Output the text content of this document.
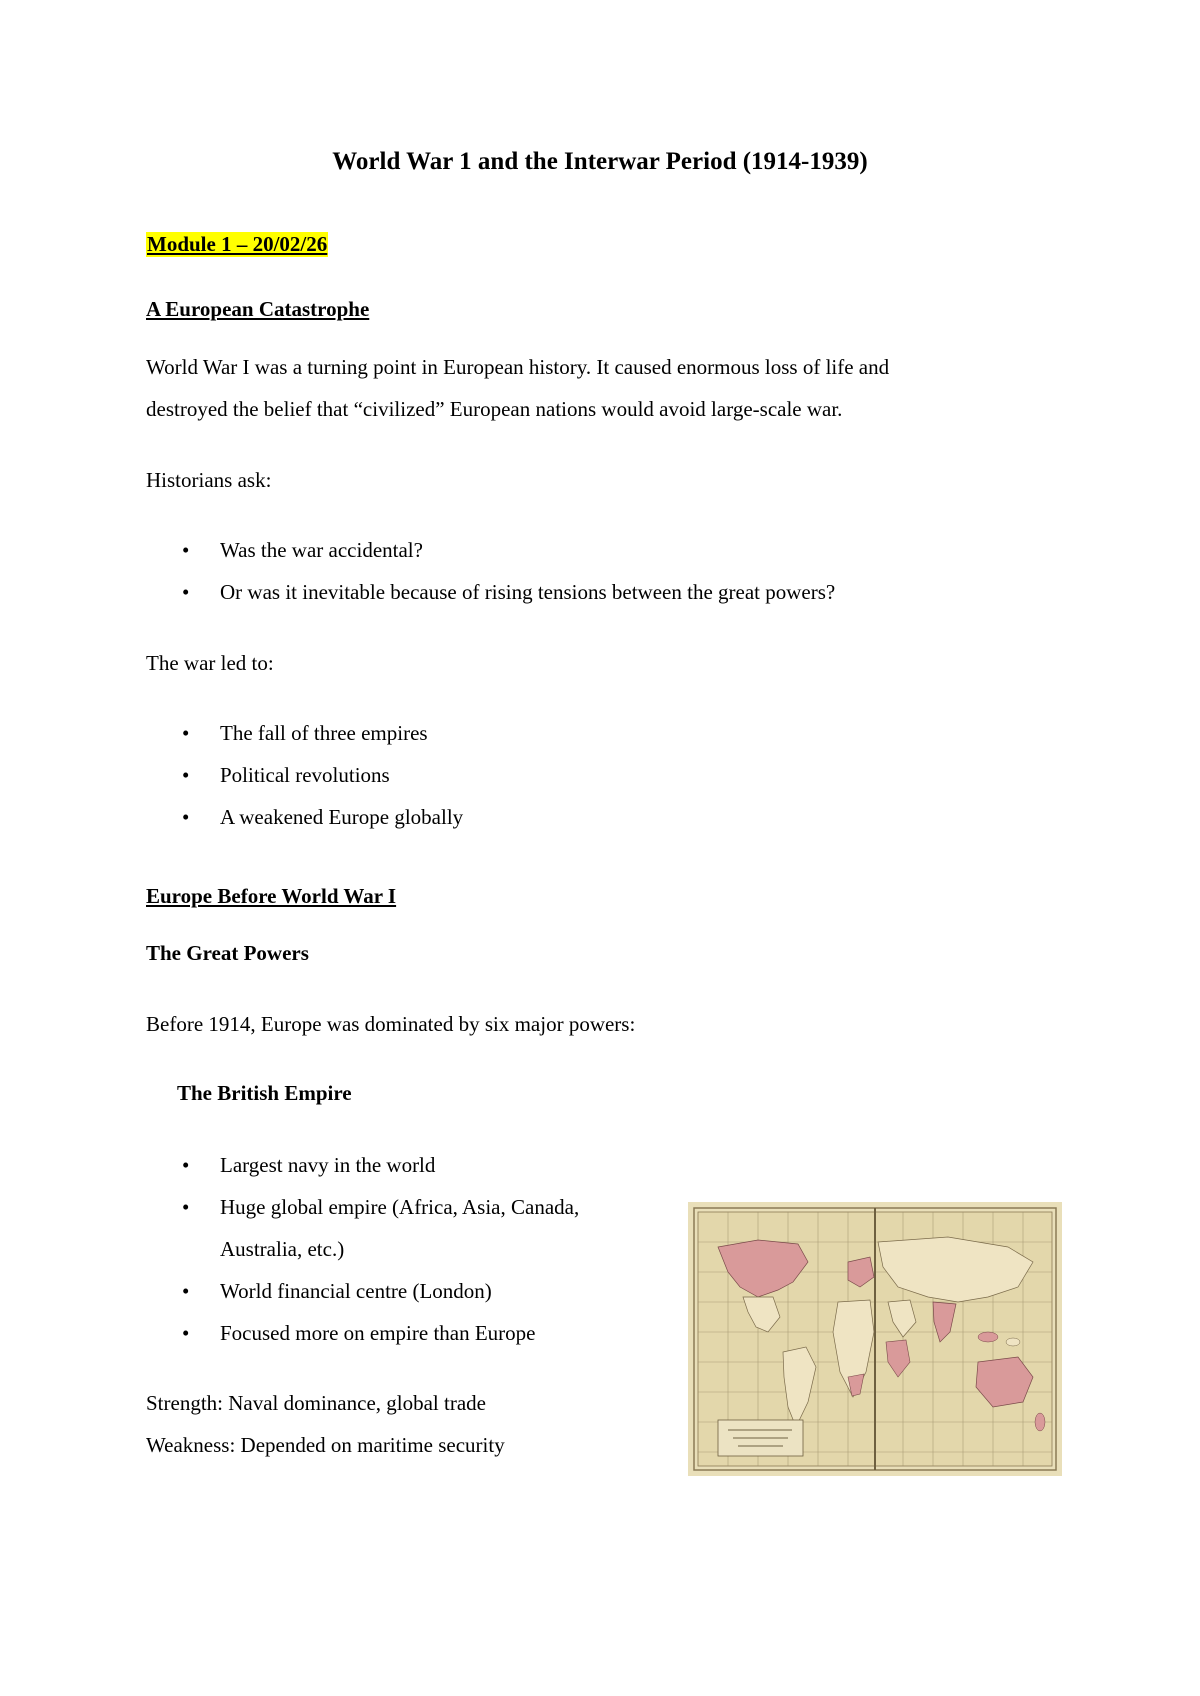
World War 1 and the Interwar Period (1914-1939)
Module 1 – 20/02/26
A European Catastrophe
World War I was a turning point in European history. It caused enormous loss of life and
destroyed the belief that “civilized” European nations would avoid large-scale war.
Historians ask:
• Was the war accidental?
• Or was it inevitable because of rising tensions between the great powers?
The war led to:
• The fall of three empires
• Political revolutions
• A weakened Europe globally
Europe Before World War I
The Great Powers
Before 1914, Europe was dominated by six major powers:
The British Empire
• Largest navy in the world
• Huge global empire (Africa, Asia, Canada,
Australia, etc.)
• World financial centre (London)
• Focused more on empire than Europe
Strength: Naval dominance, global trade
Weakness: Depended on maritime security
